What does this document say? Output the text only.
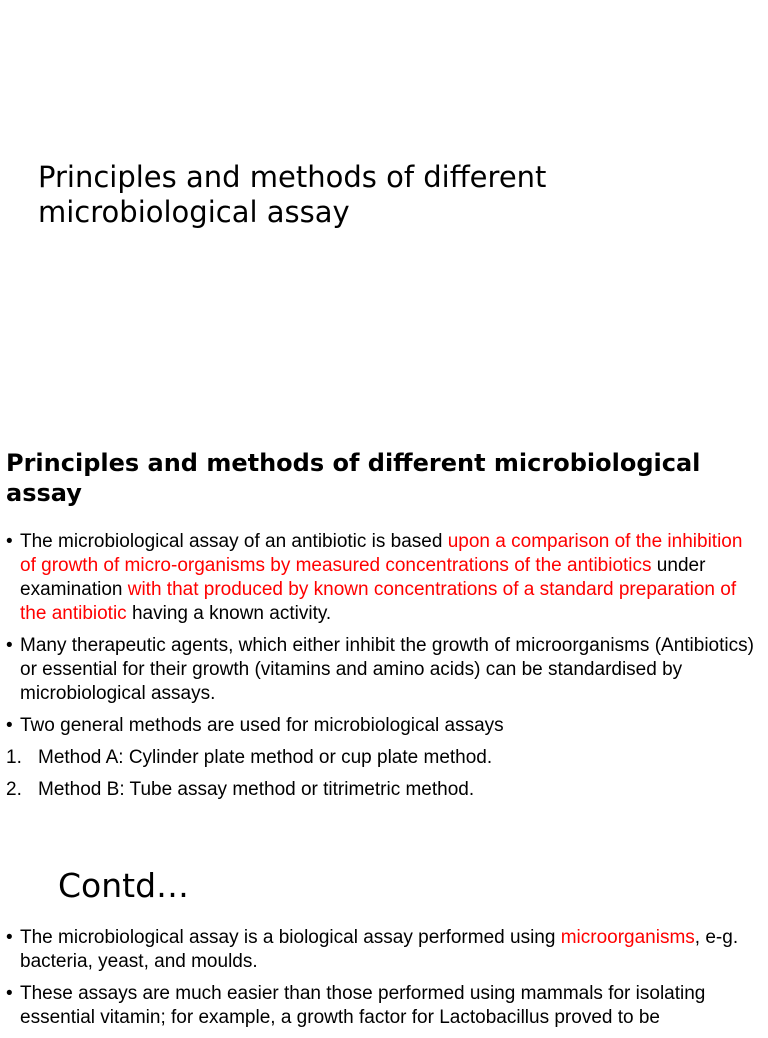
Principles and methods of different microbiological assay
Principles and methods of different microbiological assay
• The microbiological assay of an antibiotic is based upon a comparison of the inhibition of growth of micro-organisms by measured concentrations of the antibiotics under examination with that produced by known concentrations of a standard preparation of the antibiotic having a known activity.
• Many therapeutic agents, which either inhibit the growth of microorganisms (Antibiotics) or essential for their growth (vitamins and amino acids) can be standardised by microbiological assays.
• Two general methods are used for microbiological assays
1. Method A: Cylinder plate method or cup plate method.
2. Method B: Tube assay method or titrimetric method.
Contd…
• The microbiological assay is a biological assay performed using microorganisms, e-g. bacteria, yeast, and moulds.
• These assays are much easier than those performed using mammals for isolating essential vitamin; for example, a growth factor for Lactobacillus proved to be
